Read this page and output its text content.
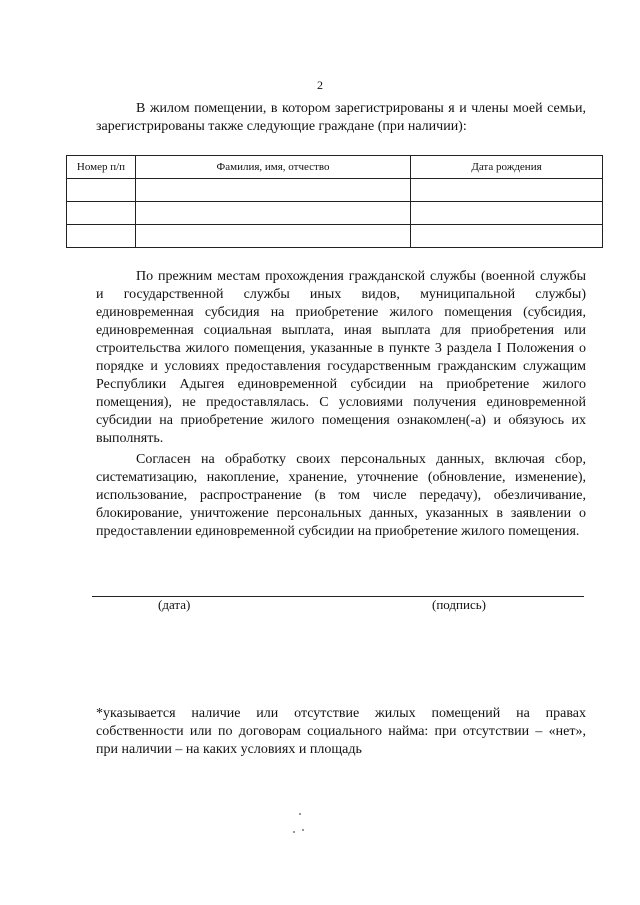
2

В жилом помещении, в котором зарегистрированы я и члены моей семьи, зарегистрированы также следующие граждане (при наличии):

Номер п/п	Фамилия, имя, отчество	Дата рождения

По прежним местам прохождения гражданской службы (военной службы и государственной службы иных видов, муниципальной службы) единовременная субсидия на приобретение жилого помещения (субсидия, единовременная социальная выплата, иная выплата для приобретения или строительства жилого помещения, указанные в пункте 3 раздела I Положения о порядке и условиях предоставления государственным гражданским служащим Республики Адыгея единовременной субсидии на приобретение жилого помещения), не предоставлялась. С условиями получения единовременной субсидии на приобретение жилого помещения ознакомлен(-а) и обязуюсь их выполнять.

Согласен на обработку своих персональных данных, включая сбор, систематизацию, накопление, хранение, уточнение (обновление, изменение), использование, распространение (в том числе передачу), обезличивание, блокирование, уничтожение персональных данных, указанных в заявлении о предоставлении единовременной субсидии на приобретение жилого помещения.

(дата)	(подпись)

*указывается наличие или отсутствие жилых помещений на правах собственности или по договорам социального найма: при отсутствии – «нет», при наличии – на каких условиях и площадь
